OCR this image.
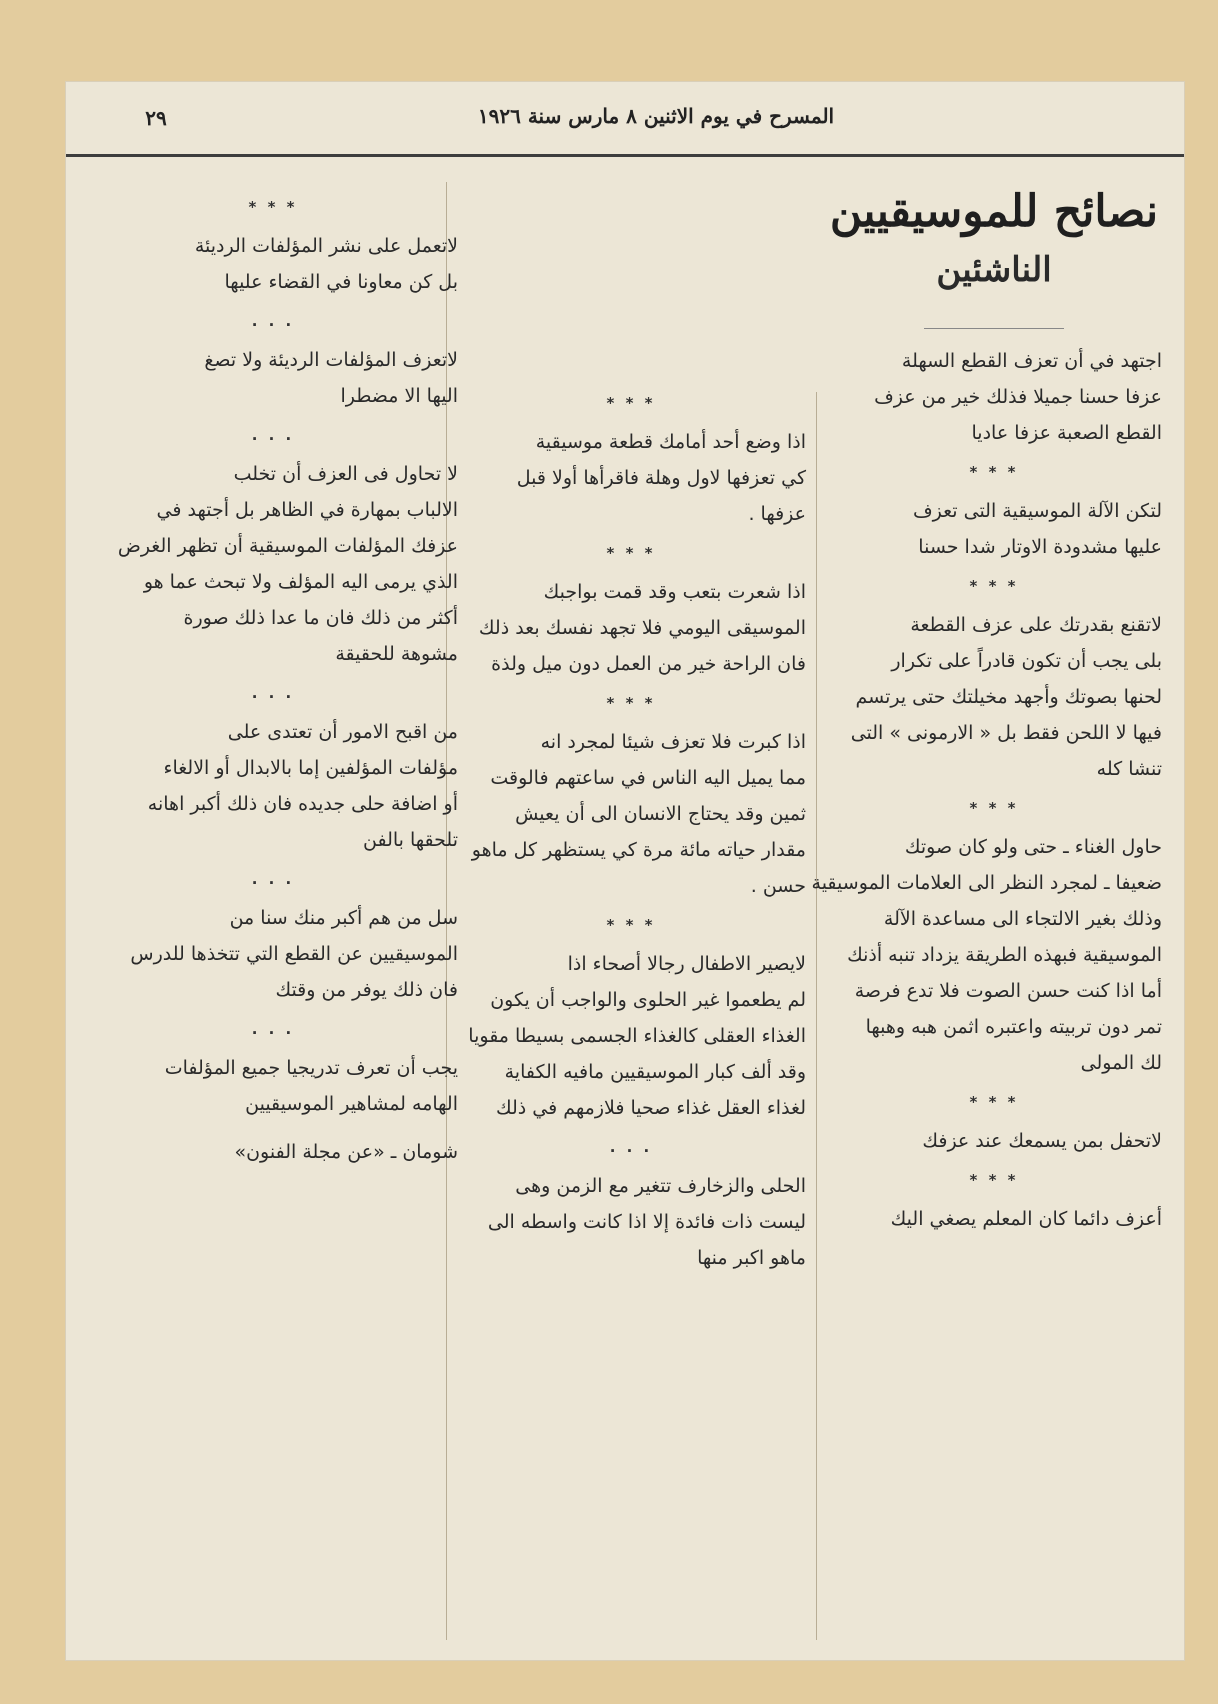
٢٩	المسرح في يوم الاثنين ٨ مارس سنة ١٩٢٦
نصائح للموسيقيين
الناشئين

اجتهد في أن تعزف القطع السهلة

عزفا حسنا جميلا فذلك خير من عزف

القطع الصعبة عزفا عاديا

* * *

لتكن الآلة الموسيقية التى تعزف

عليها مشدودة الاوتار شدا حسنا

* * *

لاتقنع بقدرتك على عزف القطعة

بلى يجب أن تكون قادراً على تكرار

لحنها بصوتك وأجهد مخيلتك حتى يرتسم

فيها لا اللحن فقط بل « الارمونى » التى

تنشا كله

* * *

حاول الغناء ـ حتى ولو كان صوتك

ضعيفا ـ لمجرد النظر الى العلامات الموسيقية

وذلك بغير الالتجاء الى مساعدة الآلة

الموسيقية فبهذه الطريقة يزداد تنبه أذنك

أما اذا كنت حسن الصوت فلا تدع فرصة

تمر دون تربيته واعتبره اثمن هبه وهبها

لك المولى

* * *

لاتحفل بمن يسمعك عند عزفك

* * *

أعزف دائما كان المعلم يصغي اليك

* * *

اذا وضع أحد أمامك قطعة موسيقية

كي تعزفها لاول وهلة فاقرأها أولا قبل

عزفها .

* * *

اذا شعرت بتعب وقد قمت بواجبك

الموسيقى اليومي فلا تجهد نفسك بعد ذلك

فان الراحة خير من العمل دون ميل ولذة

* * *

اذا كبرت فلا تعزف شيئا لمجرد انه

مما يميل اليه الناس في ساعتهم فالوقت

ثمين وقد يحتاج الانسان الى أن يعيش

مقدار حياته مائة مرة كي يستظهر كل ماهو

حسن .

* * *

لايصير الاطفال رجالا أصحاء اذا

لم يطعموا غير الحلوى والواجب أن يكون

الغذاء العقلى كالغذاء الجسمى بسيطا مقويا

وقد ألف كبار الموسيقيين مافيه الكفاية

لغذاء العقل غذاء صحيا فلازمهم في ذلك

. . .

الحلى والزخارف تتغير مع الزمن وهى

ليست ذات فائدة إلا اذا كانت واسطه الى

ماهو اكبر منها

* * *

لاتعمل على نشر المؤلفات الرديئة

بل كن معاونا في القضاء عليها

. . .

لاتعزف المؤلفات الرديئة ولا تصغ

اليها الا مضطرا

. . .

لا تحاول فى العزف أن تخلب

الالباب بمهارة في الظاهر بل أجتهد في

عزفك المؤلفات الموسيقية أن تظهر الغرض

الذي يرمى اليه المؤلف ولا تبحث عما هو

أكثر من ذلك فان ما عدا ذلك صورة

مشوهة للحقيقة

. . .

من اقبح الامور أن تعتدى على

مؤلفات المؤلفين إما بالابدال أو الالغاء

أو اضافة حلى جديده فان ذلك أكبر اهانه

تلحقها بالفن

. . .

سل من هم أكبر منك سنا من

الموسيقيين عن القطع التي تتخذها للدرس

فان ذلك يوفر من وقتك

. . .

يجب أن تعرف تدريجيا جميع المؤلفات

الهامه لمشاهير الموسيقيين

شومان ـ «عن مجلة الفنون»
